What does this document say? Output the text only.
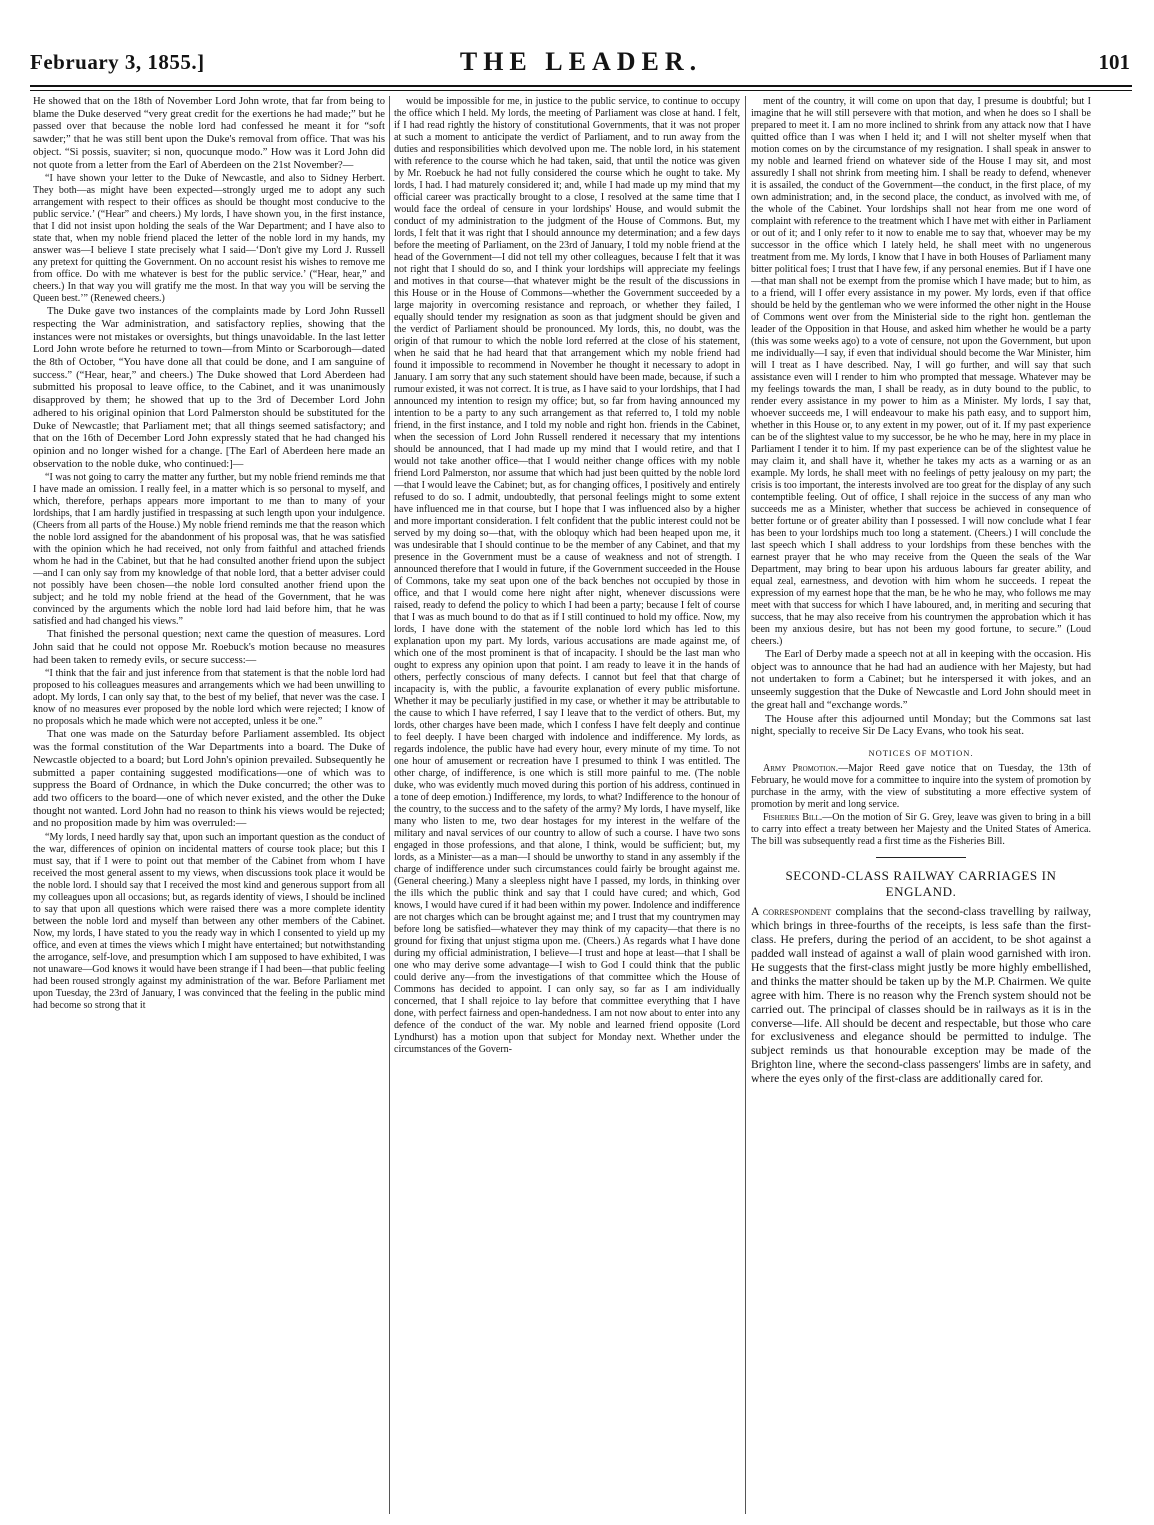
February 3, 1855.]	THE LEADER.	101

He showed that on the 18th of November Lord John wrote, that far from being to blame the Duke deserved “very great credit for the exertions he had made;” but he passed over that because the noble lord had confessed he meant it for “soft sawder;” that he was still bent upon the Duke's removal from office. That was his object. “Si possis, suaviter; si non, quocunque modo.” How was it Lord John did not quote from a letter from the Earl of Aberdeen on the 21st November?—

“I have shown your letter to the Duke of Newcastle, and also to Sidney Herbert. They both—as might have been expected—strongly urged me to adopt any such arrangement with respect to their offices as should be thought most conducive to the public service.’ (“Hear” and cheers.) My lords, I have shown you, in the first instance, that I did not insist upon holding the seals of the War Department; and I have also to state that, when my noble friend placed the letter of the noble lord in my hands, my answer was—I believe I state precisely what I said—‘Don't give my Lord J. Russell any pretext for quitting the Government. On no account resist his wishes to remove me from office. Do with me whatever is best for the public service.’ (“Hear, hear,” and cheers.) In that way you will gratify me the most. In that way you will be serving the Queen best.’” (Renewed cheers.)

The Duke gave two instances of the complaints made by Lord John Russell respecting the War administration, and satisfactory replies, showing that the instances were not mistakes or oversights, but things unavoidable. In the last letter Lord John wrote before he returned to town—from Minto or Scarborough—dated the 8th of October, “You have done all that could be done, and I am sanguine of success.” (“Hear, hear,” and cheers.) The Duke showed that Lord Aberdeen had submitted his proposal to leave office, to the Cabinet, and it was unanimously disapproved by them; he showed that up to the 3rd of December Lord John adhered to his original opinion that Lord Palmerston should be substituted for the Duke of Newcastle; that Parliament met; that all things seemed satisfactory; and that on the 16th of December Lord John expressly stated that he had changed his opinion and no longer wished for a change. [The Earl of Aberdeen here made an observation to the noble duke, who continued:]—

“I was not going to carry the matter any further, but my noble friend reminds me that I have made an omission. I really feel, in a matter which is so personal to myself, and which, therefore, perhaps appears more important to me than to many of your lordships, that I am hardly justified in trespassing at such length upon your indulgence. (Cheers from all parts of the House.) My noble friend reminds me that the reason which the noble lord assigned for the abandonment of his proposal was, that he was satisfied with the opinion which he had received, not only from faithful and attached friends whom he had in the Cabinet, but that he had consulted another friend upon the subject—and I can only say from my knowledge of that noble lord, that a better adviser could not possibly have been chosen—the noble lord consulted another friend upon the subject; and he told my noble friend at the head of the Government, that he was convinced by the arguments which the noble lord had laid before him, that he was satisfied and had changed his views.”

That finished the personal question; next came the question of measures. Lord John said that he could not oppose Mr. Roebuck's motion because no measures had been taken to remedy evils, or secure success:—

“I think that the fair and just inference from that statement is that the noble lord had proposed to his colleagues measures and arrangements which we had been unwilling to adopt. My lords, I can only say that, to the best of my belief, that never was the case. I know of no measures ever proposed by the noble lord which were rejected; I know of no proposals which he made which were not accepted, unless it be one.”

That one was made on the Saturday before Parliament assembled. Its object was the formal constitution of the War Departments into a board. The Duke of Newcastle objected to a board; but Lord John's opinion prevailed. Subsequently he submitted a paper containing suggested modifications—one of which was to suppress the Board of Ordnance, in which the Duke concurred; the other was to add two officers to the board—one of which never existed, and the other the Duke thought not wanted. Lord John had no reason to think his views would be rejected; and no proposition made by him was overruled:—

“My lords, I need hardly say that, upon such an important question as the conduct of the war, differences of opinion on incidental matters of course took place; but this I must say, that if I were to point out that member of the Cabinet from whom I have received the most general assent to my views, when discussions took place it would be the noble lord. I should say that I received the most kind and generous support from all my colleagues upon all occasions; but, as regards identity of views, I should be inclined to say that upon all questions which were raised there was a more complete identity between the noble lord and myself than between any other members of the Cabinet. Now, my lords, I have stated to you the ready way in which I consented to yield up my office, and even at times the views which I might have entertained; but notwithstanding the arrogance, self-love, and presumption which I am supposed to have exhibited, I was not unaware—God knows it would have been strange if I had been—that public feeling had been roused strongly against my administration of the war. Before Parliament met upon Tuesday, the 23rd of January, I was convinced that the feeling in the public mind had become so strong that it

would be impossible for me, in justice to the public service, to continue to occupy the office which I held. My lords, the meeting of Parliament was close at hand. I felt, if I had read rightly the history of constitutional Governments, that it was not proper at such a moment to anticipate the verdict of Parliament, and to run away from the duties and responsibilities which devolved upon me. The noble lord, in his statement with reference to the course which he had taken, said, that until the notice was given by Mr. Roebuck he had not fully considered the course which he ought to take. My lords, I had. I had maturely considered it; and, while I had made up my mind that my official career was practically brought to a close, I resolved at the same time that I would face the ordeal of censure in your lordships' House, and would submit the conduct of my administration to the judgment of the House of Commons. But, my lords, I felt that it was right that I should announce my determination; and a few days before the meeting of Parliament, on the 23rd of January, I told my noble friend at the head of the Government—I did not tell my other colleagues, because I felt that it was not right that I should do so, and I think your lordships will appreciate my feelings and motives in that course—that whatever might be the result of the discussions in this House or in the House of Commons—whether the Government succeeded by a large majority in overcoming resistance and reproach, or whether they failed, I equally should tender my resignation as soon as that judgment should be given and the verdict of Parliament should be pronounced. My lords, this, no doubt, was the origin of that rumour to which the noble lord referred at the close of his statement, when he said that he had heard that that arrangement which my noble friend had found it impossible to recommend in November he thought it necessary to adopt in January. I am sorry that any such statement should have been made, because, if such a rumour existed, it was not correct. It is true, as I have said to your lordships, that I had announced my intention to resign my office; but, so far from having announced my intention to be a party to any such arrangement as that referred to, I told my noble friend, in the first instance, and I told my noble and right hon. friends in the Cabinet, when the secession of Lord John Russell rendered it necessary that my intentions should be announced, that I had made up my mind that I would retire, and that I would not take another office—that I would neither change offices with my noble friend Lord Palmerston, nor assume that which had just been quitted by the noble lord—that I would leave the Cabinet; but, as for changing offices, I positively and entirely refused to do so. I admit, undoubtedly, that personal feelings might to some extent have influenced me in that course, but I hope that I was influenced also by a higher and more important consideration. I felt confident that the public interest could not be served by my doing so—that, with the obloquy which had been heaped upon me, it was undesirable that I should continue to be the member of any Cabinet, and that my presence in the Government must be a cause of weakness and not of strength. I announced therefore that I would in future, if the Government succeeded in the House of Commons, take my seat upon one of the back benches not occupied by those in office, and that I would come here night after night, whenever discussions were raised, ready to defend the policy to which I had been a party; because I felt of course that I was as much bound to do that as if I still continued to hold my office. Now, my lords, I have done with the statement of the noble lord which has led to this explanation upon my part. My lords, various accusations are made against me, of which one of the most prominent is that of incapacity. I should be the last man who ought to express any opinion upon that point. I am ready to leave it in the hands of others, perfectly conscious of many defects. I cannot but feel that that charge of incapacity is, with the public, a favourite explanation of every public misfortune. Whether it may be peculiarly justified in my case, or whether it may be attributable to the cause to which I have referred, I say I leave that to the verdict of others. But, my lords, other charges have been made, which I confess I have felt deeply and continue to feel deeply. I have been charged with indolence and indifference. My lords, as regards indolence, the public have had every hour, every minute of my time. To not one hour of amusement or recreation have I presumed to think I was entitled. The other charge, of indifference, is one which is still more painful to me. (The noble duke, who was evidently much moved during this portion of his address, continued in a tone of deep emotion.) Indifference, my lords, to what? Indifference to the honour of the country, to the success and to the safety of the army? My lords, I have myself, like many who listen to me, two dear hostages for my interest in the welfare of the military and naval services of our country to allow of such a course. I have two sons engaged in those professions, and that alone, I think, would be sufficient; but, my lords, as a Minister—as a man—I should be unworthy to stand in any assembly if the charge of indifference under such circumstances could fairly be brought against me. (General cheering.) Many a sleepless night have I passed, my lords, in thinking over the ills which the public think and say that I could have cured; and which, God knows, I would have cured if it had been within my power. Indolence and indifference are not charges which can be brought against me; and I trust that my countrymen may before long be satisfied—whatever they may think of my capacity—that there is no ground for fixing that unjust stigma upon me. (Cheers.) As regards what I have done during my official administration, I believe—I trust and hope at least—that I shall be one who may derive some advantage—I wish to God I could think that the public could derive any—from the investigations of that committee which the House of Commons has decided to appoint. I can only say, so far as I am individually concerned, that I shall rejoice to lay before that committee everything that I have done, with perfect fairness and open-handedness. I am not now about to enter into any defence of the conduct of the war. My noble and learned friend opposite (Lord Lyndhurst) has a motion upon that subject for Monday next. Whether under the circumstances of the Govern-

ment of the country, it will come on upon that day, I presume is doubtful; but I imagine that he will still persevere with that motion, and when he does so I shall be prepared to meet it. I am no more inclined to shrink from any attack now that I have quitted office than I was when I held it; and I will not shelter myself when that motion comes on by the circumstance of my resignation. I shall speak in answer to my noble and learned friend on whatever side of the House I may sit, and most assuredly I shall not shrink from meeting him. I shall be ready to defend, whenever it is assailed, the conduct of the Government—the conduct, in the first place, of my own administration; and, in the second place, the conduct, as involved with me, of the whole of the Cabinet. Your lordships shall not hear from me one word of complaint with reference to the treatment which I have met with either in Parliament or out of it; and I only refer to it now to enable me to say that, whoever may be my successor in the office which I lately held, he shall meet with no ungenerous treatment from me. My lords, I know that I have in both Houses of Parliament many bitter political foes; I trust that I have few, if any personal enemies. But if I have one—that man shall not be exempt from the promise which I have made; but to him, as to a friend, will I offer every assistance in my power. My lords, even if that office should be held by the gentleman who we were informed the other night in the House of Commons went over from the Ministerial side to the right hon. gentleman the leader of the Opposition in that House, and asked him whether he would be a party (this was some weeks ago) to a vote of censure, not upon the Government, but upon me individually—I say, if even that individual should become the War Minister, him will I treat as I have described. Nay, I will go further, and will say that such assistance even will I render to him who prompted that message. Whatever may be my feelings towards the man, I shall be ready, as in duty bound to the public, to render every assistance in my power to him as a Minister. My lords, I say that, whoever succeeds me, I will endeavour to make his path easy, and to support him, whether in this House or, to any extent in my power, out of it. If my past experience can be of the slightest value to my successor, be he who he may, here in my place in Parliament I tender it to him. If my past experience can be of the slightest value he may claim it, and shall have it, whether he takes my acts as a warning or as an example. My lords, he shall meet with no feelings of petty jealousy on my part; the crisis is too important, the interests involved are too great for the display of any such contemptible feeling. Out of office, I shall rejoice in the success of any man who succeeds me as a Minister, whether that success be achieved in consequence of better fortune or of greater ability than I possessed. I will now conclude what I fear has been to your lordships much too long a statement. (Cheers.) I will conclude the last speech which I shall address to your lordships from these benches with the earnest prayer that he who may receive from the Queen the seals of the War Department, may bring to bear upon his arduous labours far greater ability, and equal zeal, earnestness, and devotion with him whom he succeeds. I repeat the expression of my earnest hope that the man, be he who he may, who follows me may meet with that success for which I have laboured, and, in meriting and securing that success, that he may also receive from his countrymen the approbation which it has been my anxious desire, but has not been my good fortune, to secure.” (Loud cheers.)

The Earl of Derby made a speech not at all in keeping with the occasion. His object was to announce that he had had an audience with her Majesty, but had not undertaken to form a Cabinet; but he interspersed it with jokes, and an unseemly suggestion that the Duke of Newcastle and Lord John should meet in the great hall and “exchange words.”

The House after this adjourned until Monday; but the Commons sat last night, specially to receive Sir De Lacy Evans, who took his seat.

NOTICES OF MOTION.

Army Promotion.—Major Reed gave notice that on Tuesday, the 13th of February, he would move for a committee to inquire into the system of promotion by purchase in the army, with the view of substituting a more effective system of promotion by merit and long service.

Fisheries Bill.—On the motion of Sir G. Grey, leave was given to bring in a bill to carry into effect a treaty between her Majesty and the United States of America. The bill was subsequently read a first time as the Fisheries Bill.

SECOND-CLASS RAILWAY CARRIAGES IN
ENGLAND.

A correspondent complains that the second-class travelling by railway, which brings in three-fourths of the receipts, is less safe than the first-class. He prefers, during the period of an accident, to be shot against a padded wall instead of against a wall of plain wood garnished with iron. He suggests that the first-class might justly be more highly embellished, and thinks the matter should be taken up by the M.P. Chairmen. We quite agree with him. There is no reason why the French system should not be carried out. The principal of classes should be in railways as it is in the converse—life. All should be decent and respectable, but those who care for exclusiveness and elegance should be permitted to indulge. The subject reminds us that honourable exception may be made of the Brighton line, where the second-class passengers' limbs are in safety, and where the eyes only of the first-class are additionally cared for.
